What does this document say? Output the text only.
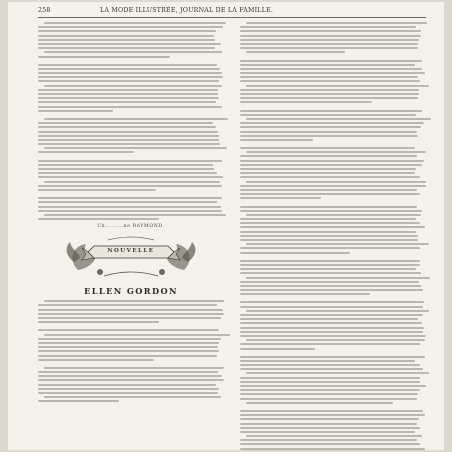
258	LA MODE ILLUSTRÉE, JOURNAL DE LA FAMILLE.
Ch.........ne RAYMOND.
NOUVELLE
ELLEN GORDON
